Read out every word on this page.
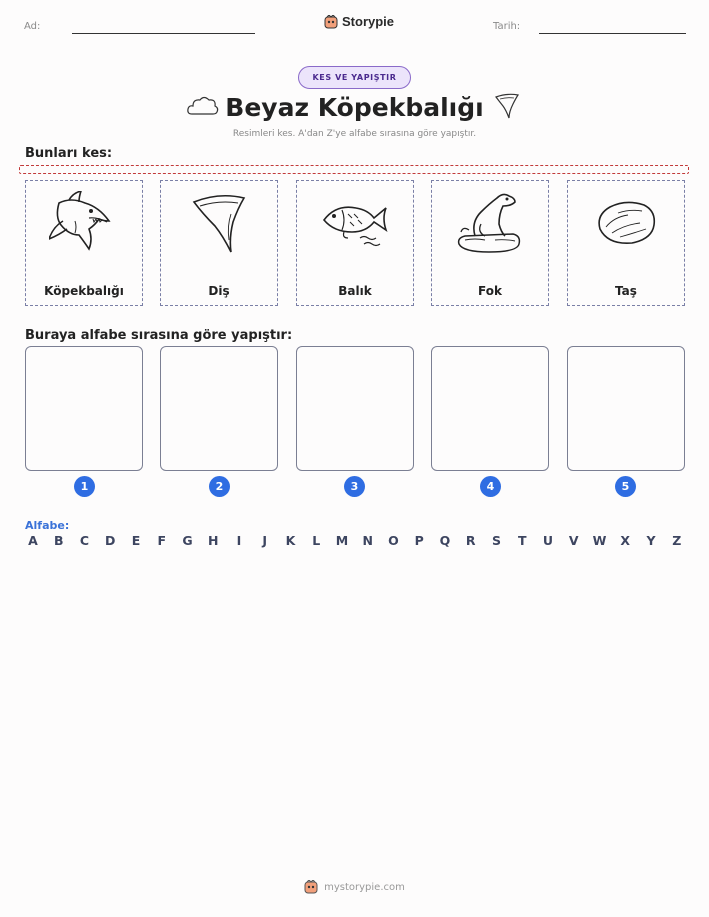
Ad:	Storypie	Tarih:
KES VE YAPIŞTIR
Beyaz Köpekbalığı
Resimleri kes. A'dan Z'ye alfabe sırasına göre yapıştır.
Bunları kes:
Köpekbalığı	Diş	Balık	Fok	Taş
Buraya alfabe sırasına göre yapıştır:
1	2	3	4	5
Alfabe:
A B C D E F G H	I	J	K	L	M N O P Q R S T U V W X Y Z
mystorypie.com
